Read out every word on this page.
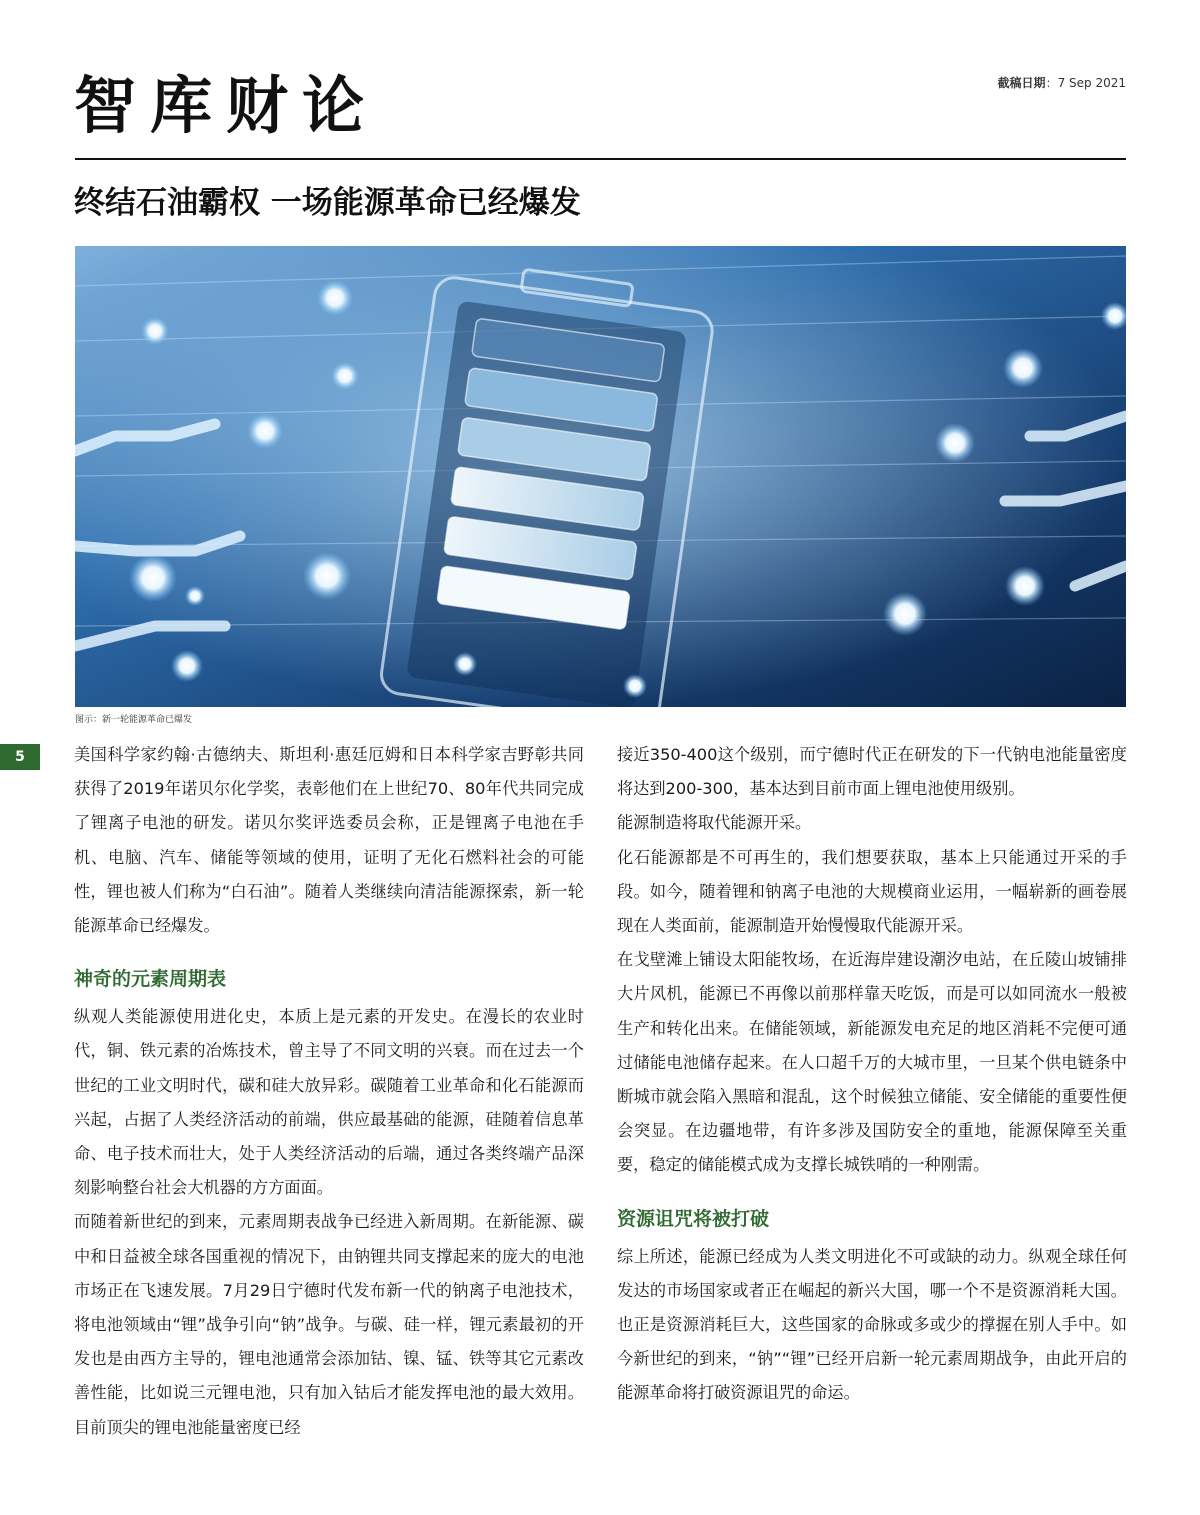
智库财论	截稿日期：7 Sep 2021
终结石油霸权 一场能源革命已经爆发
图示：新一轮能源革命已爆发
5	美国科学家约翰·古德纳夫、斯坦利·惠廷厄姆和日本科学家吉野彰共同获得了2019年诺贝尔化学奖，表彰他们在上世纪70、80年代共同完成了锂离子电池的研发。诺贝尔奖评选委员会称，正是锂离子电池在手机、电脑、汽车、储能等领域的使用，证明了无化石燃料社会的可能性，锂也被人们称为“白石油”。随着人类继续向清洁能源探索，新一轮能源革命已经爆发。

神奇的元素周期表

纵观人类能源使用进化史，本质上是元素的开发史。在漫长的农业时代，铜、铁元素的冶炼技术，曾主导了不同文明的兴衰。而在过去一个世纪的工业文明时代，碳和硅大放异彩。碳随着工业革命和化石能源而兴起，占据了人类经济活动的前端，供应最基础的能源，硅随着信息革命、电子技术而壮大，处于人类经济活动的后端，通过各类终端产品深刻影响整台社会大机器的方方面面。

而随着新世纪的到来，元素周期表战争已经进入新周期。在新能源、碳中和日益被全球各国重视的情况下，由钠锂共同支撑起来的庞大的电池市场正在飞速发展。7月29日宁德时代发布新一代的钠离子电池技术，将电池领域由“锂”战争引向“钠”战争。与碳、硅一样，锂元素最初的开发也是由西方主导的，锂电池通常会添加钴、镍、锰、铁等其它元素改善性能，比如说三元锂电池，只有加入钴后才能发挥电池的最大效用。目前顶尖的锂电池能量密度已经

接近350-400这个级别，而宁德时代正在研发的下一代钠电池能量密度将达到200-300，基本达到目前市面上锂电池使用级别。

能源制造将取代能源开采。

化石能源都是不可再生的，我们想要获取，基本上只能通过开采的手段。如今，随着锂和钠离子电池的大规模商业运用，一幅崭新的画卷展现在人类面前，能源制造开始慢慢取代能源开采。

在戈壁滩上铺设太阳能牧场，在近海岸建设潮汐电站，在丘陵山坡铺排大片风机，能源已不再像以前那样靠天吃饭，而是可以如同流水一般被生产和转化出来。在储能领域，新能源发电充足的地区消耗不完便可通过储能电池储存起来。在人口超千万的大城市里，一旦某个供电链条中断城市就会陷入黑暗和混乱，这个时候独立储能、安全储能的重要性便会突显。在边疆地带，有许多涉及国防安全的重地，能源保障至关重要，稳定的储能模式成为支撑长城铁哨的一种刚需。

资源诅咒将被打破

综上所述，能源已经成为人类文明进化不可或缺的动力。纵观全球任何发达的市场国家或者正在崛起的新兴大国，哪一个不是资源消耗大国。也正是资源消耗巨大，这些国家的命脉或多或少的撑握在别人手中。如今新世纪的到来，“钠”“锂”已经开启新一轮元素周期战争，由此开启的能源革命将打破资源诅咒的命运。
